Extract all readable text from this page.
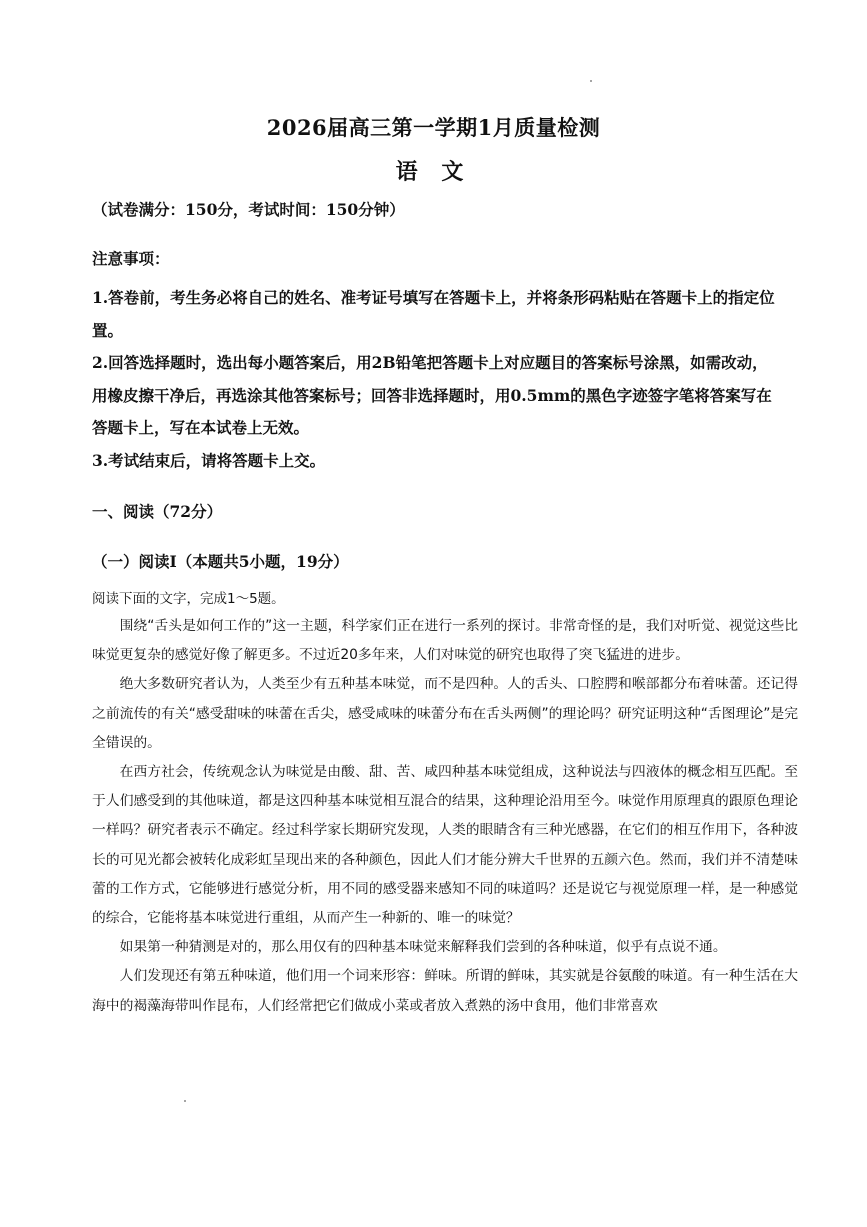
2026届高三第一学期1月质量检测
语 文
（试卷满分：150分，考试时间：150分钟）
注意事项：

1.答卷前，考生务必将自己的姓名、准考证号填写在答题卡上，并将条形码粘贴在答题卡上的指定位置。

2.回答选择题时，选出每小题答案后，用2B铅笔把答题卡上对应题目的答案标号涂黑，如需改动，用橡皮擦干净后，再选涂其他答案标号；回答非选择题时，用0.5mm的黑色字迹签字笔将答案写在答题卡上，写在本试卷上无效。

3.考试结束后，请将答题卡上交。

一、阅读（72分）
（一）阅读Ⅰ（本题共5小题，19分）
阅读下面的文字，完成1～5题。

围绕“舌头是如何工作的”这一主题，科学家们正在进行一系列的探讨。非常奇怪的是，我们对听觉、视觉这些比味觉更复杂的感觉好像了解更多。不过近20多年来，人们对味觉的研究也取得了突飞猛进的进步。

绝大多数研究者认为，人类至少有五种基本味觉，而不是四种。人的舌头、口腔腭和喉部都分布着味蕾。还记得之前流传的有关“感受甜味的味蕾在舌尖，感受咸味的味蕾分布在舌头两侧”的理论吗？研究证明这种“舌图理论”是完全错误的。

在西方社会，传统观念认为味觉是由酸、甜、苦、咸四种基本味觉组成，这种说法与四液体的概念相互匹配。至于人们感受到的其他味道，都是这四种基本味觉相互混合的结果，这种理论沿用至今。味觉作用原理真的跟原色理论一样吗？研究者表示不确定。经过科学家长期研究发现，人类的眼睛含有三种光感器，在它们的相互作用下，各种波长的可见光都会被转化成彩虹呈现出来的各种颜色，因此人们才能分辨大千世界的五颜六色。然而，我们并不清楚味蕾的工作方式，它能够进行感觉分析，用不同的感受器来感知不同的味道吗？还是说它与视觉原理一样，是一种感觉的综合，它能将基本味觉进行重组，从而产生一种新的、唯一的味觉？

如果第一种猜测是对的，那么用仅有的四种基本味觉来解释我们尝到的各种味道，似乎有点说不通。

人们发现还有第五种味道，他们用一个词来形容：鲜味。所谓的鲜味，其实就是谷氨酸的味道。有一种生活在大海中的褐藻海带叫作昆布，人们经常把它们做成小菜或者放入煮熟的汤中食用，他们非常喜欢
